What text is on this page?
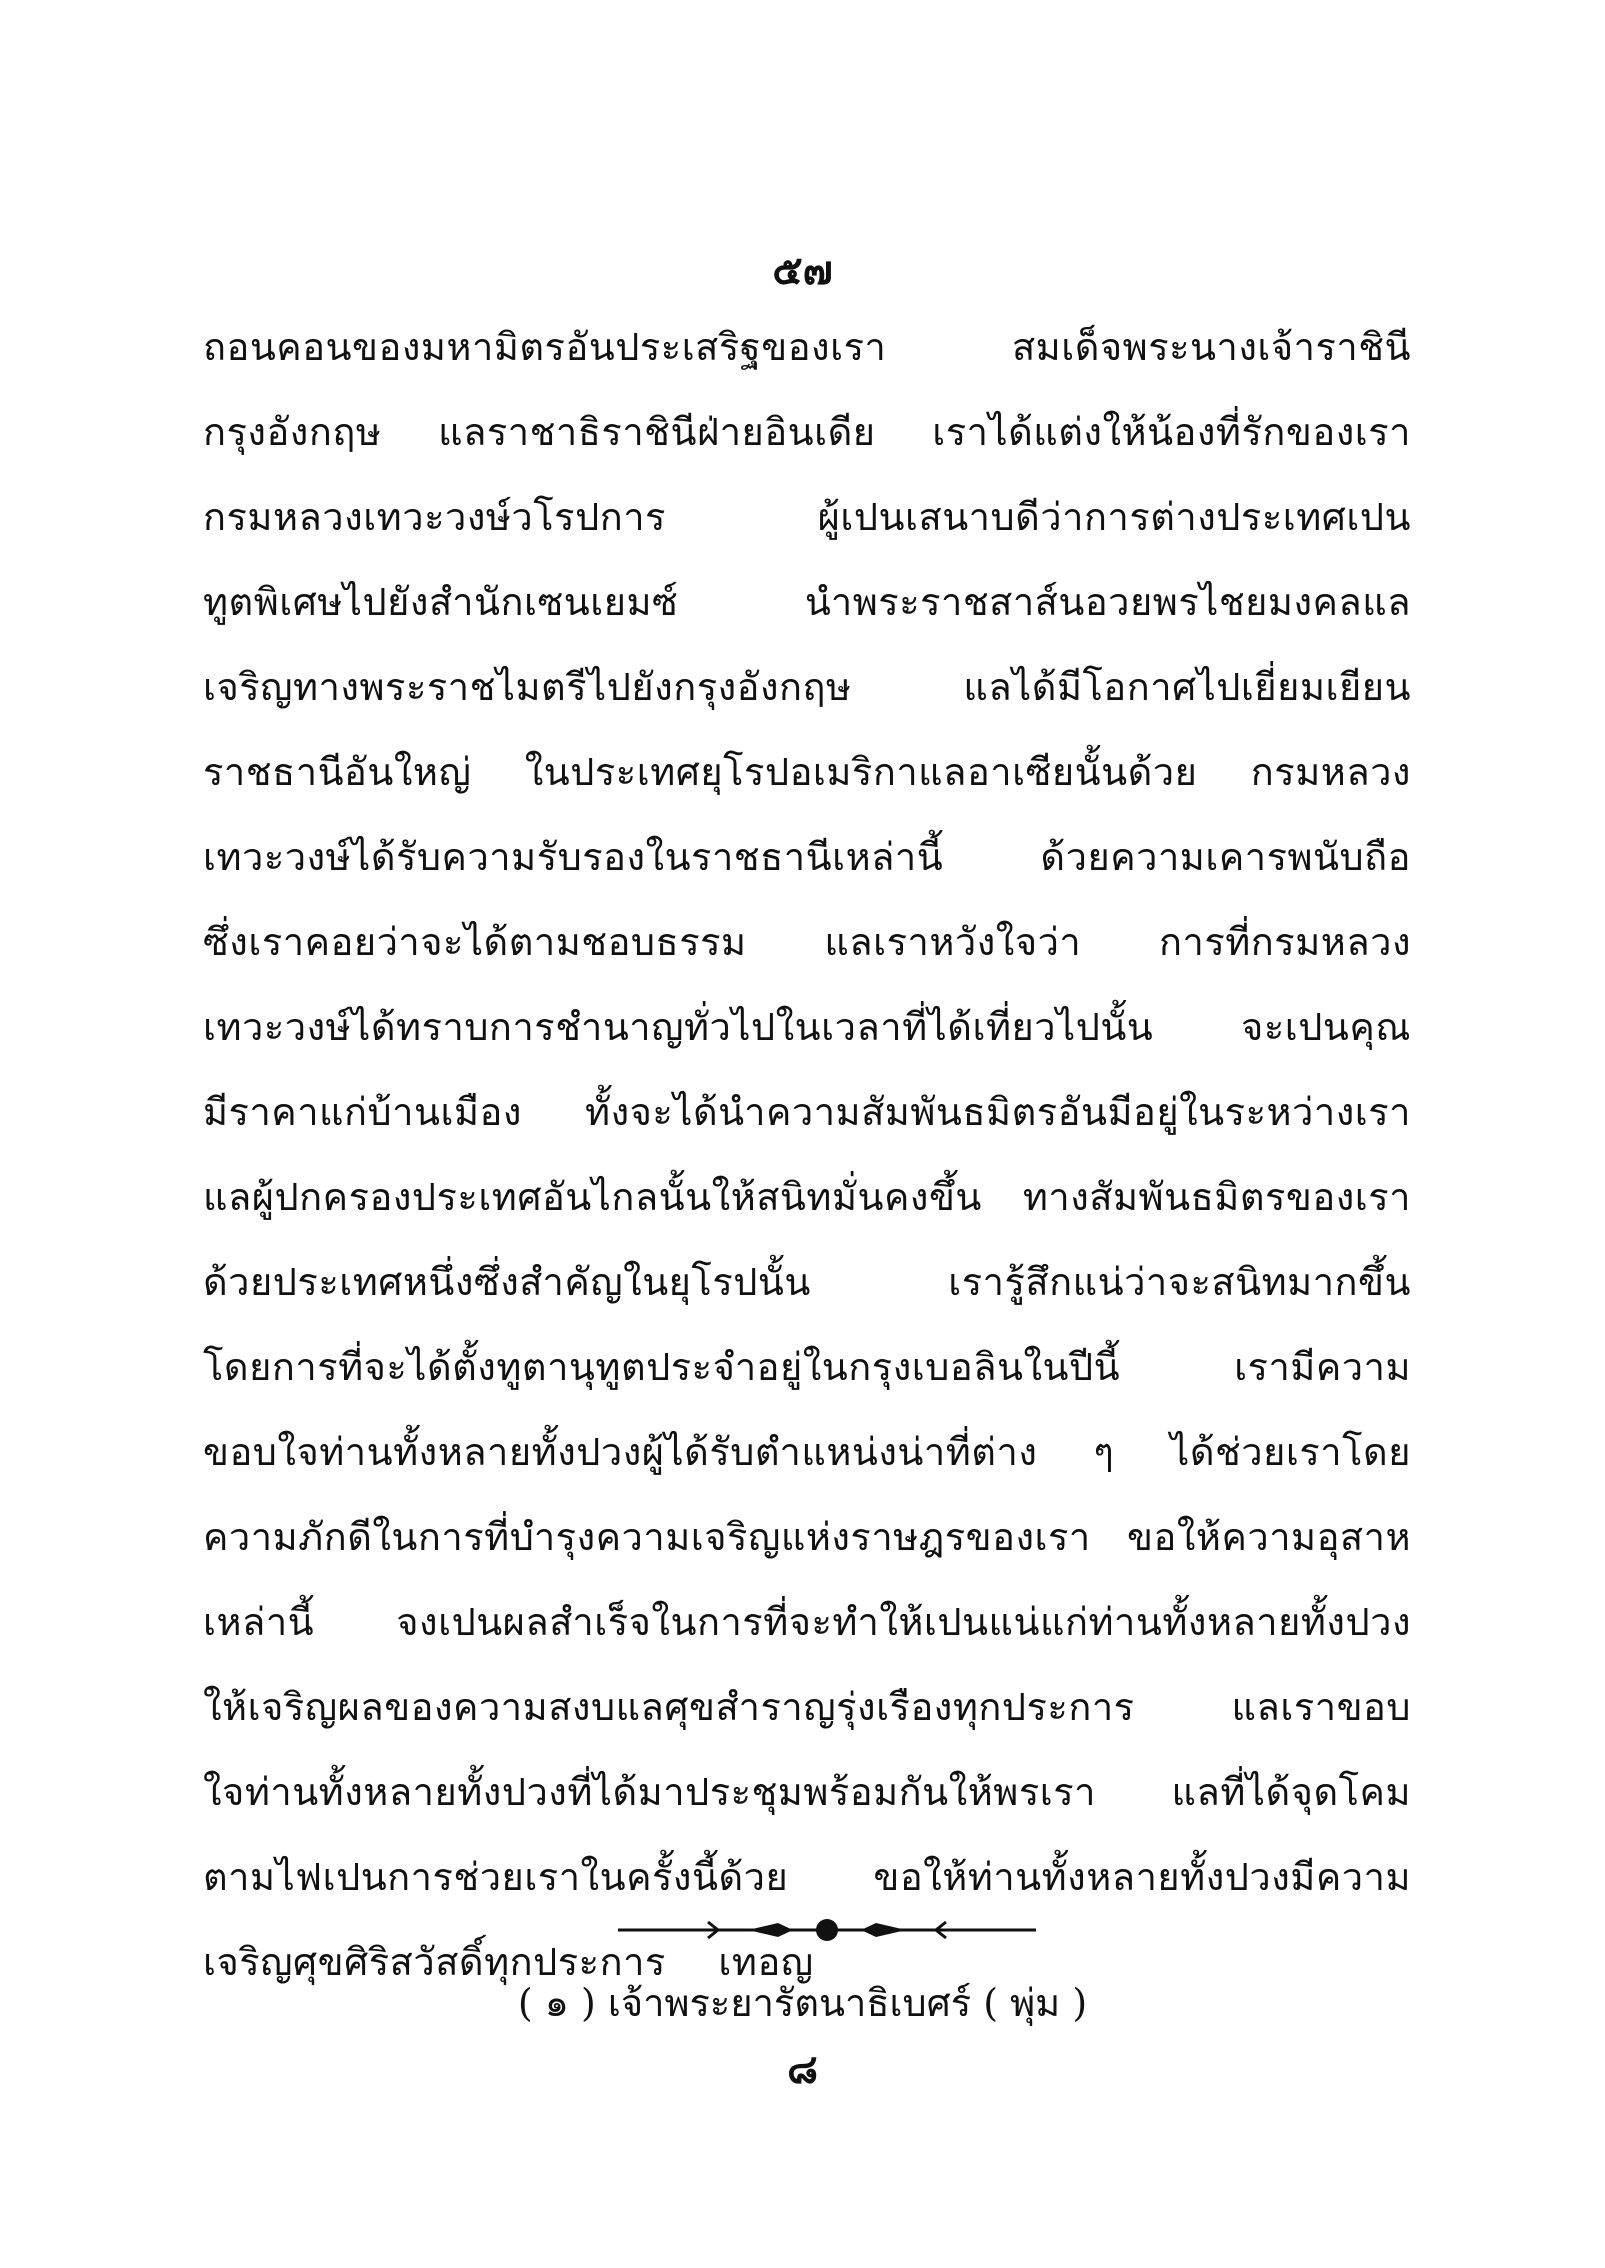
๕๗
ถอนคอนของมหามิตรอันประเสริฐของเรา สมเด็จพระนางเจ้าราชินี
กรุงอังกฤษ แลราชาธิราชินีฝ่ายอินเดีย เราได้แต่งให้น้องที่รักของเรา
กรมหลวงเทวะวงษ์วโรปการ ผู้เปนเสนาบดีว่าการต่างประเทศเปน
ทูตพิเศษไปยังสำนักเซนเยมซ์ นำพระราชสาส์นอวยพรไชยมงคลแล
เจริญทางพระราชไมตรีไปยังกรุงอังกฤษ แลได้มีโอกาศไปเยี่ยมเยียน
ราชธานีอันใหญ่ ในประเทศยุโรปอเมริกาแลอาเซียนั้นด้วย กรมหลวง
เทวะวงษ์ได้รับความรับรองในราชธานีเหล่านี้ ด้วยความเคารพนับถือ
ซึ่งเราคอยว่าจะได้ตามชอบธรรม แลเราหวังใจว่า การที่กรมหลวง
เทวะวงษ์ได้ทราบการชำนาญทั่วไปในเวลาที่ได้เที่ยวไปนั้น จะเปนคุณ
มีราคาแก่บ้านเมือง ทั้งจะได้นำความสัมพันธมิตรอันมีอยู่ในระหว่างเรา
แลผู้ปกครองประเทศอันไกลนั้นให้สนิทมั่นคงขึ้น ทางสัมพันธมิตรของเรา
ด้วยประเทศหนึ่งซึ่งสำคัญในยุโรปนั้น เรารู้สึกแน่ว่าจะสนิทมากขึ้น
โดยการที่จะได้ตั้งทูตานุทูตประจำอยู่ในกรุงเบอลินในปีนี้ เรามีความ
ขอบใจท่านทั้งหลายทั้งปวงผู้ได้รับตำแหน่งน่าที่ต่าง ๆ ได้ช่วยเราโดย
ความภักดีในการที่บำรุงความเจริญแห่งราษฎรของเรา ขอให้ความอุสาห
เหล่านี้ จงเปนผลสำเร็จในการที่จะทำให้เปนแน่แก่ท่านทั้งหลายทั้งปวง
ให้เจริญผลของความสงบแลศุขสำราญรุ่งเรืองทุกประการ แลเราขอบ
ใจท่านทั้งหลายทั้งปวงที่ได้มาประชุมพร้อมกันให้พรเรา แลที่ได้จุดโคม
ตามไฟเปนการช่วยเราในครั้งนี้ด้วย ขอให้ท่านทั้งหลายทั้งปวงมีความ
เจริญศุขศิริสวัสดิ์ทุกประการ เทอญ
( ๑ ) เจ้าพระยารัตนาธิเบศร์ ( พุ่ม )
๘
